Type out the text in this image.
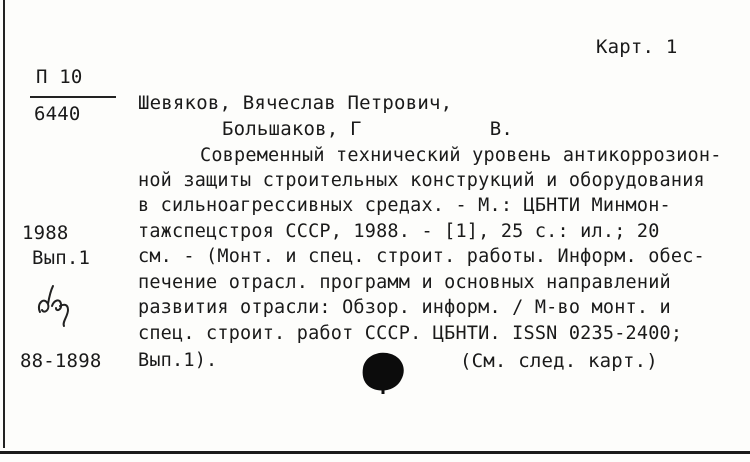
Карт. 1
П 10
6440	Шевяков, Вячеслав Петрович,
Большаков, Г           В.
Современный технический уровень антикоррозион-
ной защиты строительных конструкций и оборудования
в сильноагрессивных средах. - М.: ЦБНТИ Минмон-
тажспецстроя СССР, 1988. - [1], 25 с.: ил.; 20
см. - (Монт. и спец. строит. работы. Информ. обес-
печение отрасл. программ и основных направлений
развития отрасли: Обзор. информ. / М-во монт. и
спец. строит. работ СССР. ЦБНТИ. ISSN 0235-2400;
Вып.1).
1988
Вып.1
88-1898	(См. след. карт.)
